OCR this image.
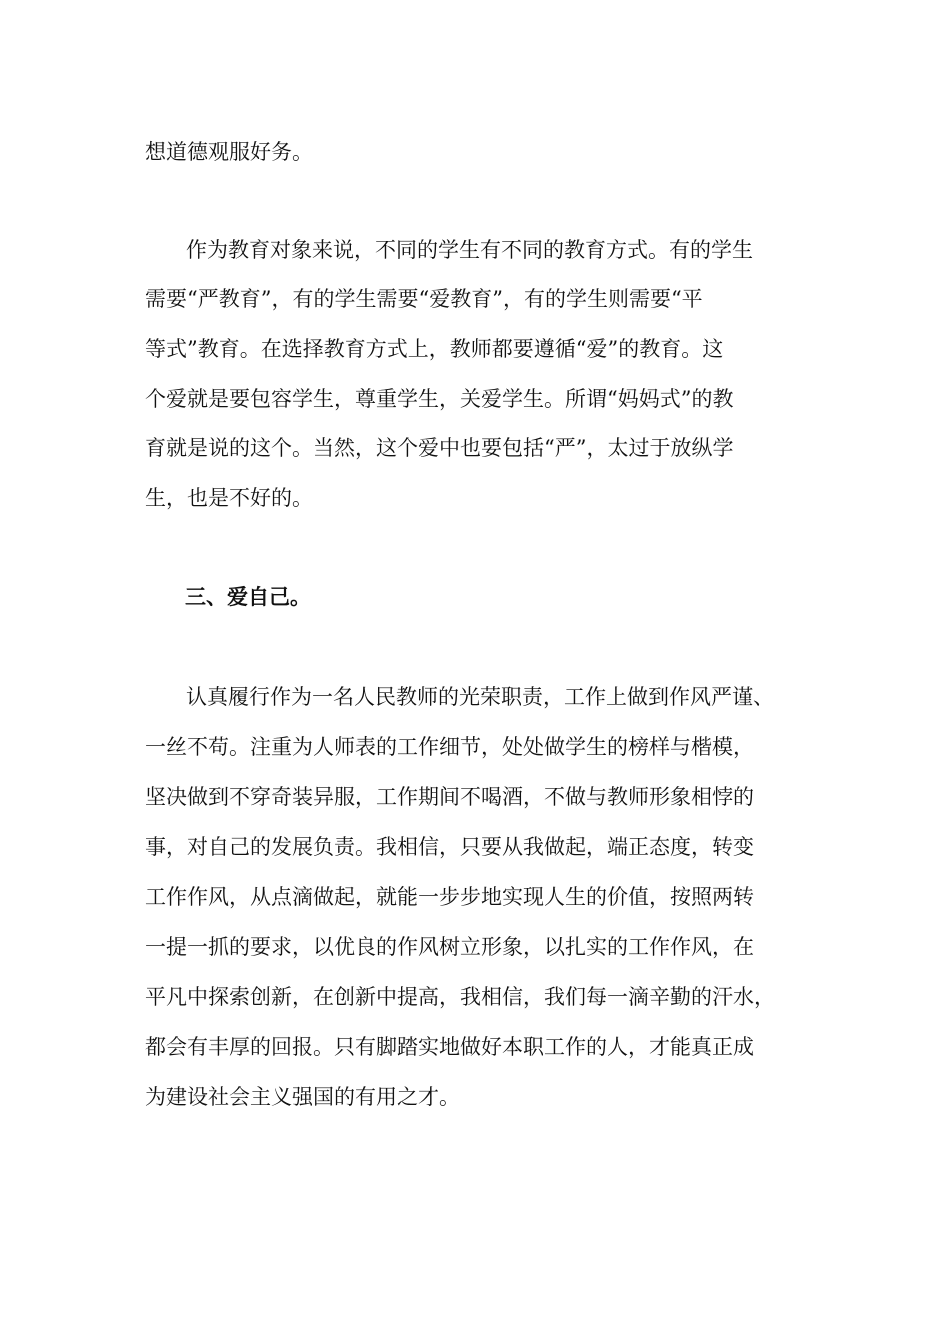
想道德观服好务。

作为教育对象来说，不同的学生有不同的教育方式。有的学生

需要“严教育”，有的学生需要“爱教育”，有的学生则需要“平

等式”教育。在选择教育方式上，教师都要遵循“爱”的教育。这

个爱就是要包容学生，尊重学生，关爱学生。所谓“妈妈式”的教

育就是说的这个。当然，这个爱中也要包括“严”，太过于放纵学

生，也是不好的。

三、爱自己。

认真履行作为一名人民教师的光荣职责，工作上做到作风严谨、

一丝不苟。注重为人师表的工作细节，处处做学生的榜样与楷模，

坚决做到不穿奇装异服，工作期间不喝酒，不做与教师形象相悖的

事，对自己的发展负责。我相信，只要从我做起，端正态度，转变

工作作风，从点滴做起，就能一步步地实现人生的价值，按照两转

一提一抓的要求，以优良的作风树立形象，以扎实的工作作风，在

平凡中探索创新，在创新中提高，我相信，我们每一滴辛勤的汗水，

都会有丰厚的回报。只有脚踏实地做好本职工作的人，才能真正成

为建设社会主义强国的有用之才。
